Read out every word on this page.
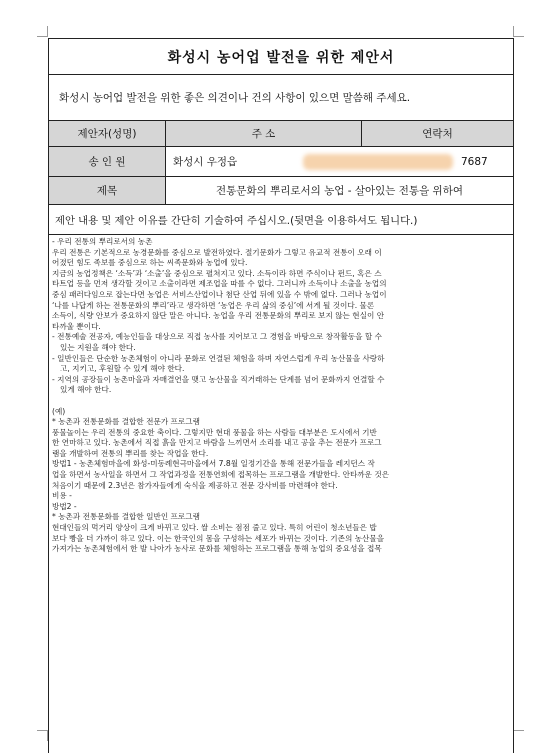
화성시 농어업 발전을 위한 제안서
화성시 농어업 발전을 위한 좋은 의견이나 건의 사항이 있으면 말씀해 주세요.
제안자(성명)	주 소	연락처
송 인 원	화성시 우정읍	7687
제목	전통문화의 뿌리로서의 농업 - 살아있는 전통을 위하여
제안 내용 및 제안 이유를 간단히 기술하여 주십시오.(뒷면을 이용하셔도 됩니다.)

- 우리 전통의 뿌리로서의 농촌

우리 전통은 기본적으로 농경문화를 중심으로 발전하였다. 절기문화가 그렇고 유교적 전통이 오래 이

어졌던 힘도 족보를 중심으로 하는 씨족문화와 농업에 있다.

지금의 농업정책은 ‘소득’과 ‘소출’을 중심으로 펼쳐지고 있다. 소득이라 하면 주식이나 펀드, 혹은 스

타트업 등을 먼저 생각할 것이고 소출이라면 제조업을 따를 수 없다. 그러니까 소득이나 소출을 농업의

중심 패러다임으로 잡는다면 농업은 서비스산업이나 첨단 산업 뒤에 있을 수 밖에 없다. 그러나 농업이

‘나를 나답게 하는 전통문화의 뿌리’라고 생각하면 ‘농업은 우리 삶의 중심’에 서게 될 것이다. 물론

소득이, 식량 안보가 중요하지 않단 말은 아니다. 농업을 우리 전통문화의 뿌리로 보지 않는 현실이 안

타까울 뿐이다.

- 전통예술 전공자, 예능인들을 대상으로 직접 농사를 지어보고 그 경험을 바탕으로 창작활동을 할 수

있는 지원을 해야 한다.

- 일반인들은 단순한 농촌체험이 아니라 문화로 연결된 체험을 하며 자연스럽게 우리 농산물을 사랑하

고, 지키고, 후원할 수 있게 해야 한다.

- 지역의 공장들이 농촌마을과 자매결연을 맺고 농산물을 직거래하는 단계를 넘어 문화까지 연결할 수

있게 해야 한다.

(예)

* 농촌과 전통문화를 결합한 전문가 프로그램

풍물놀이는 우리 전통의 중요한 축이다. 그렇지만 현대 풍물을 하는 사람들 대부분은 도시에서 기반

한 연마하고 있다. 농촌에서 직접 흙을 만지고 바람을 느끼면서 소리를 내고 공을 추는 전문가 프로그

램을 개발하여 전통의 뿌리를 찾는 작업을 한다.

방법1 - 농촌체험마을에 화성-미동례현극마을에서 7.8월 일정기간을 통해 전문가들을 레지던스 작

업을 하면서 농사일을 하면서 그 작업과정을 전통연희에 접목하는 프로그램을 개발한다. 안타까운 것은

처음이기 때문에 2.3년은 참가자들에게 숙식을 제공하고 전문 강사비를 마련해야 한다.

비용 -

방법2 -

* 농촌과 전통문화를 결합한 일반인 프로그램

현대인들의 먹거리 양상이 크게 바뀌고 있다. 쌀 소비는 점점 줄고 있다. 특히 어린이 청소년들은 밥

보다 빵을 더 가까이 하고 있다. 이는 한국인의 몸을 구성하는 세포가 바뀌는 것이다. 기존의 농산물을

가져가는 농촌체험에서 한 발 나아가 농사로 문화를 체험하는 프로그램을 통해 농업의 중요성을 접목
